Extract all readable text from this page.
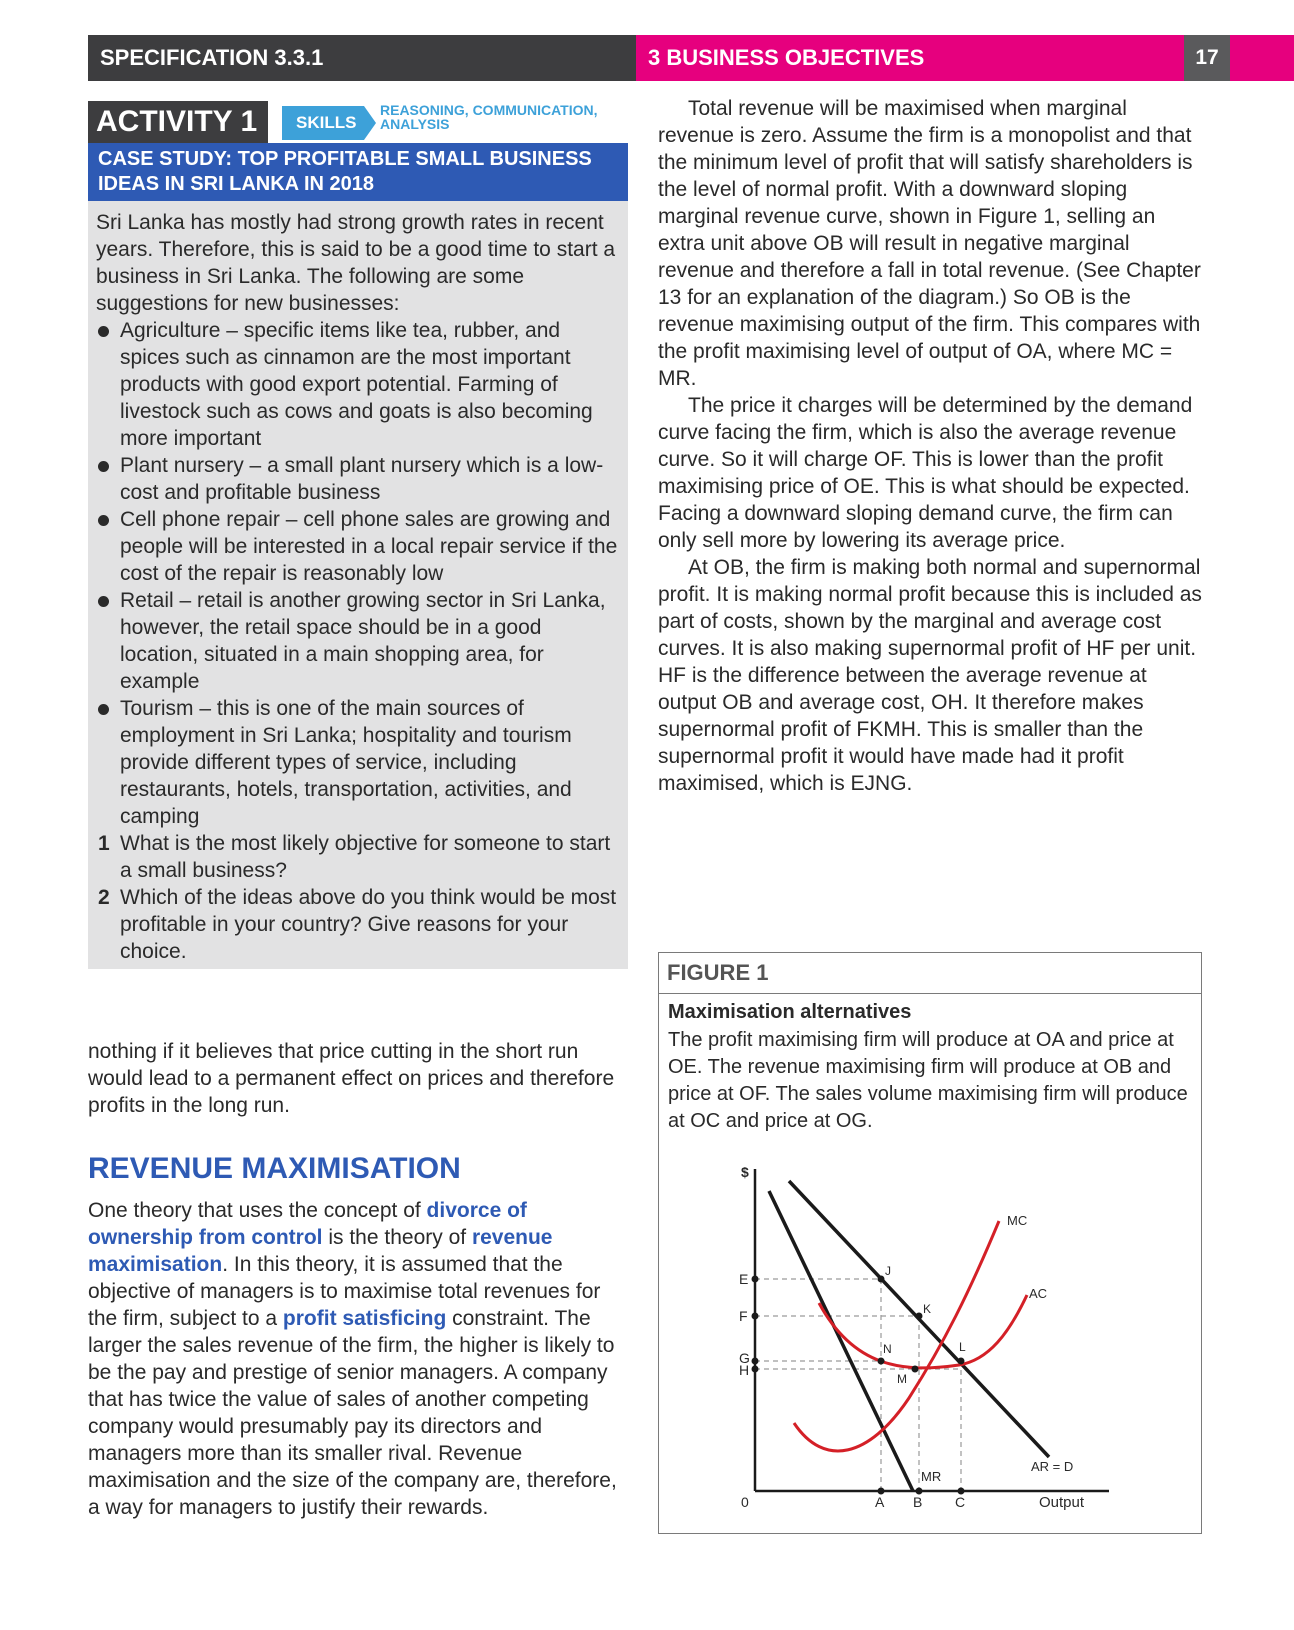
SPECIFICATION 3.3.1	3 BUSINESS OBJECTIVES	17
ACTIVITY 1	SKILLS
REASONING, COMMUNICATION,
ANALYSIS
CASE STUDY: TOP PROFITABLE SMALL BUSINESS IDEAS IN SRI LANKA IN 2018

Sri Lanka has mostly had strong growth rates in recent years. Therefore, this is said to be a good time to start a business in Sri Lanka. The following are some suggestions for new businesses:

Agriculture – specific items like tea, rubber, and spices such as cinnamon are the most important products with good export potential. Farming of livestock such as cows and goats is also becoming more important
Plant nursery – a small plant nursery which is a low-cost and profitable business
Cell phone repair – cell phone sales are growing and people will be interested in a local repair service if the cost of the repair is reasonably low
Retail – retail is another growing sector in Sri Lanka, however, the retail space should be in a good location, situated in a main shopping area, for example
Tourism – this is one of the main sources of employment in Sri Lanka; hospitality and tourism provide different types of service, including restaurants, hotels, transportation, activities, and camping
1 What is the most likely objective for someone to start a small business?
2 Which of the ideas above do you think would be most profitable in your country? Give reasons for your choice.

nothing if it believes that price cutting in the short run would lead to a permanent effect on prices and therefore profits in the long run.

REVENUE MAXIMISATION

One theory that uses the concept of divorce of ownership from control is the theory of revenue maximisation. In this theory, it is assumed that the objective of managers is to maximise total revenues for the firm, subject to a profit satisficing constraint. The larger the sales revenue of the firm, the higher is likely to be the pay and prestige of senior managers. A company that has twice the value of sales of another competing company would presumably pay its directors and managers more than its smaller rival. Revenue maximisation and the size of the company are, therefore, a way for managers to justify their rewards.

Total revenue will be maximised when marginal revenue is zero. Assume the firm is a monopolist and that the minimum level of profit that will satisfy shareholders is the level of normal profit. With a downward sloping marginal revenue curve, shown in Figure 1, selling an extra unit above OB will result in negative marginal revenue and therefore a fall in total revenue. (See Chapter 13 for an explanation of the diagram.) So OB is the revenue maximising output of the firm. This compares with the profit maximising level of output of OA, where MC = MR.

The price it charges will be determined by the demand curve facing the firm, which is also the average revenue curve. So it will charge OF. This is lower than the profit maximising price of OE. This is what should be expected. Facing a downward sloping demand curve, the firm can only sell more by lowering its average price.

At OB, the firm is making both normal and supernormal profit. It is making normal profit because this is included as part of costs, shown by the marginal and average cost curves. It is also making supernormal profit of HF per unit. HF is the difference between the average revenue at output OB and average cost, OH. It therefore makes supernormal profit of FKMH. This is smaller than the supernormal profit it would have made had it profit maximised, which is EJNG.

FIGURE 1
Maximisation alternatives
The profit maximising firm will produce at OA and price at OE. The revenue maximising firm will produce at OB and price at OF. The sales volume maximising firm will produce at OC and price at OG.
$
0	Output
A B C
E
F
G
H
J
K
L
M
N
MC
AC
MR
AR = D
